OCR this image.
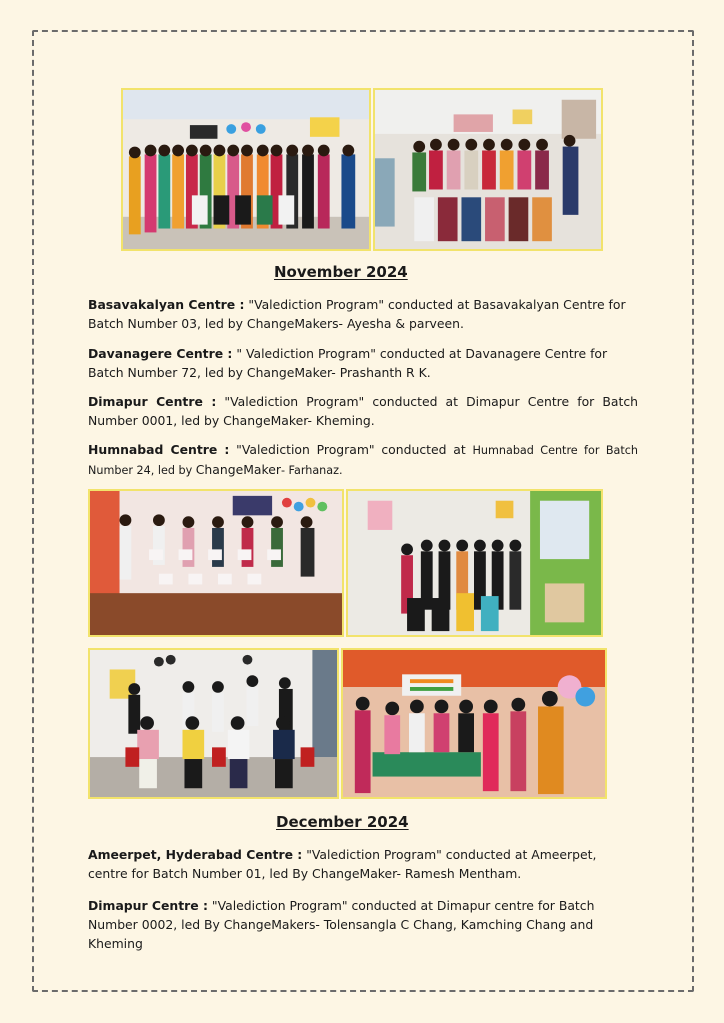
November 2024

Basavakalyan Centre : "Valediction Program" conducted at Basavakalyan Centre for Batch Number 03, led by ChangeMakers- Ayesha & parveen.

Davanagere Centre : " Valediction Program" conducted at Davanagere Centre for Batch Number 72, led by ChangeMaker- Prashanth R K.

Dimapur Centre : "Valediction Program" conducted at Dimapur Centre for Batch Number 0001, led by ChangeMaker- Kheming.

Humnabad Centre : "Valediction Program" conducted at Humnabad Centre for Batch Number 24, led by ChangeMaker- Farhanaz.

December 2024

Ameerpet, Hyderabad Centre : "Valediction Program" conducted at Ameerpet, centre for Batch Number 01, led By ChangeMaker- Ramesh Mentham.

Dimapur Centre : "Valediction Program" conducted at Dimapur centre for Batch Number 0002, led By ChangeMakers- Tolensangla C Chang, Kamching Chang and Kheming
